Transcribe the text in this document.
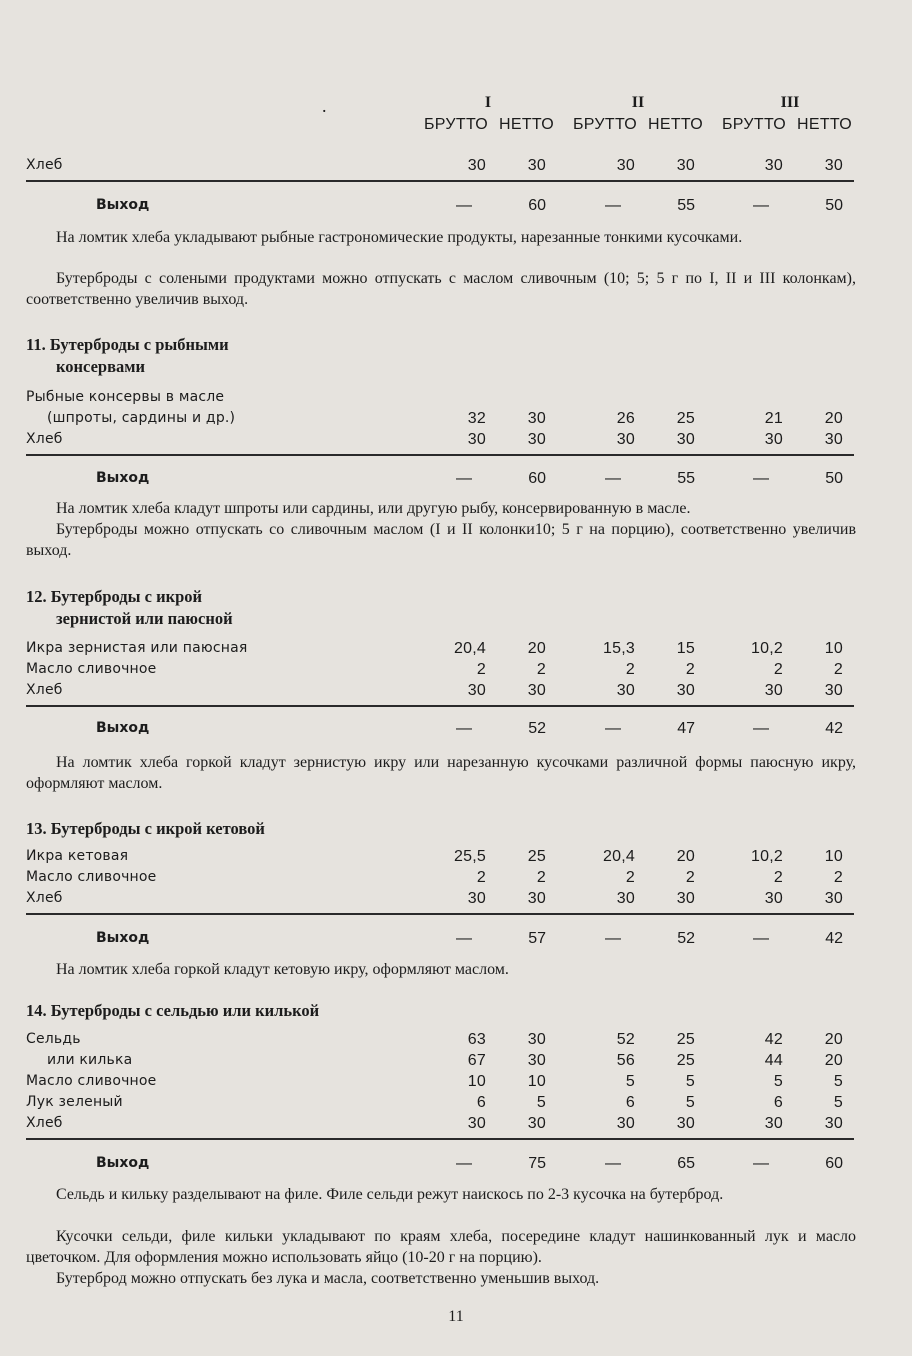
.	I	II	III
БРУТТО НЕТТО БРУТТО НЕТТО БРУТТО НЕТТО
Хлеб	30	30	30	30	30	30
Выход	—	60	—	55	—	50
На ломтик хлеба укладывают рыбные гастрономические продукты, нарезанные тонкими кусочками.
Бутерброды с солеными продуктами можно отпускать с маслом сливочным (10; 5; 5 г по I, II и III колонкам), соответственно увеличив выход.
11. Бутерброды с рыбными
консервами
Рыбные консервы в масле
(шпроты, сардины и др.)	32	30	26	25	21	20
Хлеб	30	30	30	30	30	30
Выход	—	60	—	55	—	50
На ломтик хлеба кладут шпроты или сардины, или другую рыбу, консервированную в масле.
Бутерброды можно отпускать со сливочным маслом (I и II колонки10; 5 г на порцию), соответственно увеличив выход.
12. Бутерброды с икрой
зернистой или паюсной
Икра зернистая или паюсная	20,4	20	15,3	15	10,2	10
Масло сливочное	2	2	2	2	2	2
Хлеб	30	30	30	30	30	30
Выход	—	52	—	47	—	42
На ломтик хлеба горкой кладут зернистую икру или нарезанную кусочками различной формы паюсную икру, оформляют маслом.
13. Бутерброды с икрой кетовой
Икра кетовая	25,5	25	20,4	20	10,2	10
Масло сливочное	2	2	2	2	2	2
Хлеб	30	30	30	30	30	30
Выход	—	57	—	52	—	42
На ломтик хлеба горкой кладут кетовую икру, оформляют маслом.
14. Бутерброды с сельдью или килькой
Сельдь	63	30	52	25	42	20
или килька	67	30	56	25	44	20
Масло сливочное	10	10	5	5	5	5
Лук зеленый	6	5	6	5	6	5
Хлеб	30	30	30	30	30	30
Выход	—	75	—	65	—	60
Сельдь и кильку разделывают на филе. Филе сельди режут наискось по 2-3 кусочка на бутерброд.
Кусочки сельди, филе кильки укладывают по краям хлеба, посередине кладут нашинкованный лук и масло цветочком. Для оформления можно использовать яйцо (10-20 г на порцию).
Бутерброд можно отпускать без лука и масла, соответственно уменьшив выход.
11
